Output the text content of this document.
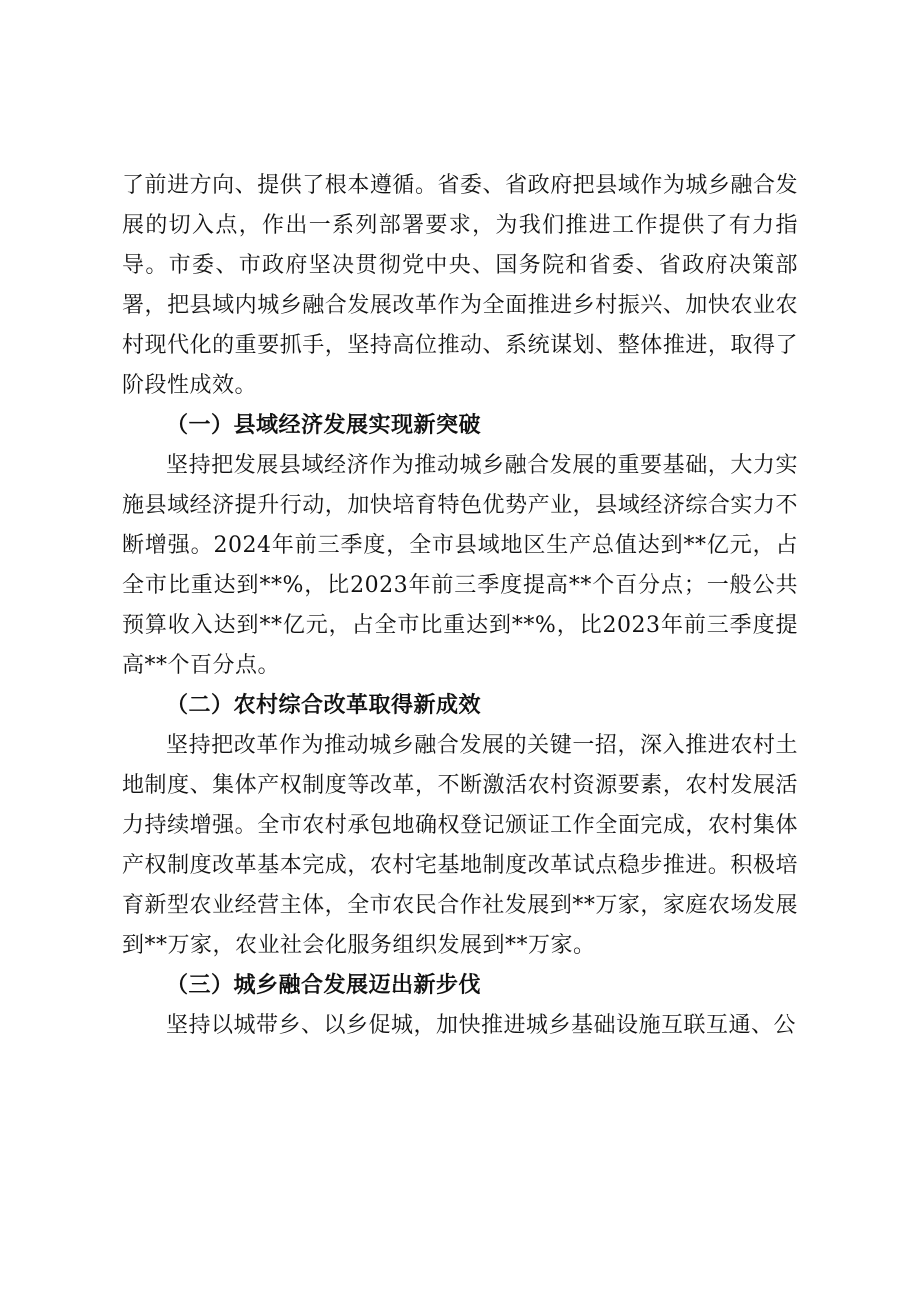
了前进方向、提供了根本遵循。省委、省政府把县域作为城乡融合发展的切入点，作出一系列部署要求，为我们推进工作提供了有力指导。市委、市政府坚决贯彻党中央、国务院和省委、省政府决策部署，把县域内城乡融合发展改革作为全面推进乡村振兴、加快农业农村现代化的重要抓手，坚持高位推动、系统谋划、整体推进，取得了阶段性成效。

（一）县域经济发展实现新突破

坚持把发展县域经济作为推动城乡融合发展的重要基础，大力实施县域经济提升行动，加快培育特色优势产业，县域经济综合实力不断增强。2024年前三季度，全市县域地区生产总值达到**亿元，占全市比重达到**%，比2023年前三季度提高**个百分点；一般公共预算收入达到**亿元，占全市比重达到**%，比2023年前三季度提高**个百分点。

（二）农村综合改革取得新成效

坚持把改革作为推动城乡融合发展的关键一招，深入推进农村土地制度、集体产权制度等改革，不断激活农村资源要素，农村发展活力持续增强。全市农村承包地确权登记颁证工作全面完成，农村集体产权制度改革基本完成，农村宅基地制度改革试点稳步推进。积极培育新型农业经营主体，全市农民合作社发展到**万家，家庭农场发展到**万家，农业社会化服务组织发展到**万家。

（三）城乡融合发展迈出新步伐

坚持以城带乡、以乡促城，加快推进城乡基础设施互联互通、公
